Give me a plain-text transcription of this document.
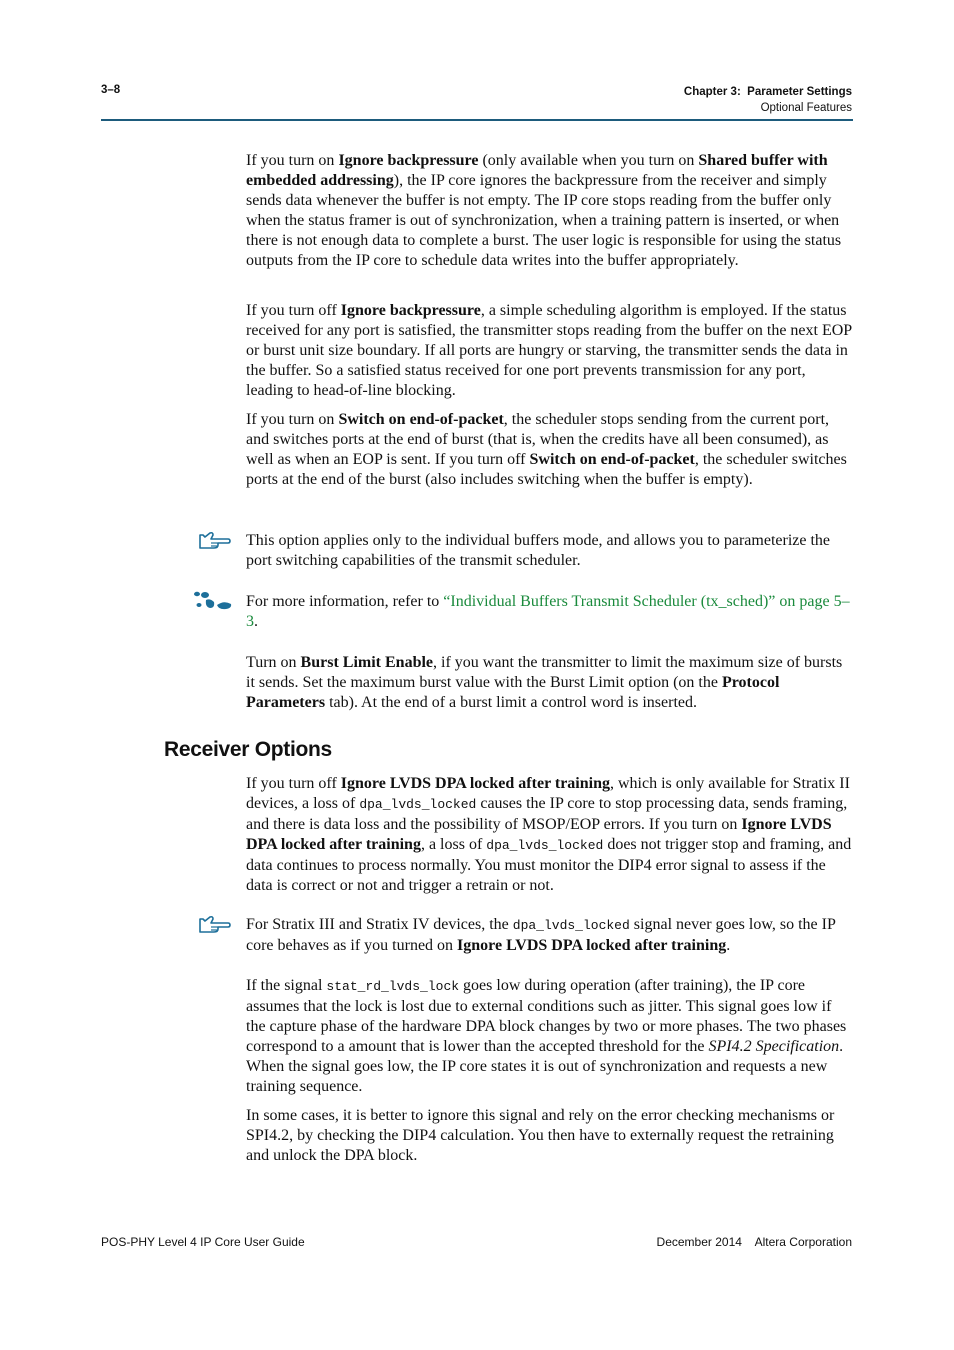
3–8	Chapter 3:  Parameter Settings
Optional Features

If you turn on Ignore backpressure (only available when you turn on Shared buffer with embedded addressing), the IP core ignores the backpressure from the receiver and simply sends data whenever the buffer is not empty. The IP core stops reading from the buffer only when the status framer is out of synchronization, when a training pattern is inserted, or when there is not enough data to complete a burst. The user logic is responsible for using the status outputs from the IP core to schedule data writes into the buffer appropriately.

If you turn off Ignore backpressure, a simple scheduling algorithm is employed. If the status received for any port is satisfied, the transmitter stops reading from the buffer on the next EOP or burst unit size boundary. If all ports are hungry or starving, the transmitter sends the data in the buffer. So a satisfied status received for one port prevents transmission for any port, leading to head-of-line blocking.

If you turn on Switch on end-of-packet, the scheduler stops sending from the current port, and switches ports at the end of burst (that is, when the credits have all been consumed), as well as when an EOP is sent. If you turn off Switch on end-of-packet, the scheduler switches ports at the end of the burst (also includes switching when the buffer is empty).

This option applies only to the individual buffers mode, and allows you to parameterize the port switching capabilities of the transmit scheduler.

For more information, refer to “Individual Buffers Transmit Scheduler (tx_sched)” on page 5–3.

Turn on Burst Limit Enable, if you want the transmitter to limit the maximum size of bursts it sends. Set the maximum burst value with the Burst Limit option (on the Protocol Parameters tab). At the end of a burst limit a control word is inserted.

Receiver Options

If you turn off Ignore LVDS DPA locked after training, which is only available for Stratix II devices, a loss of dpa_lvds_locked causes the IP core to stop processing data, sends framing, and there is data loss and the possibility of MSOP/EOP errors. If you turn on Ignore LVDS DPA locked after training, a loss of dpa_lvds_locked does not trigger stop and framing, and data continues to process normally. You must monitor the DIP4 error signal to assess if the data is correct or not and trigger a retrain or not.

For Stratix III and Stratix IV devices, the dpa_lvds_locked signal never goes low, so the IP core behaves as if you turned on Ignore LVDS DPA locked after training.

If the signal stat_rd_lvds_lock goes low during operation (after training), the IP core assumes that the lock is lost due to external conditions such as jitter. This signal goes low if the capture phase of the hardware DPA block changes by two or more phases. The two phases correspond to a amount that is lower than the accepted threshold for the SPI4.2 Specification. When the signal goes low, the IP core states it is out of synchronization and requests a new training sequence.

In some cases, it is better to ignore this signal and rely on the error checking mechanisms or SPI4.2, by checking the DIP4 calculation. You then have to externally request the retraining and unlock the DPA block.

POS-PHY Level 4 IP Core User Guide	December 2014    Altera Corporation
